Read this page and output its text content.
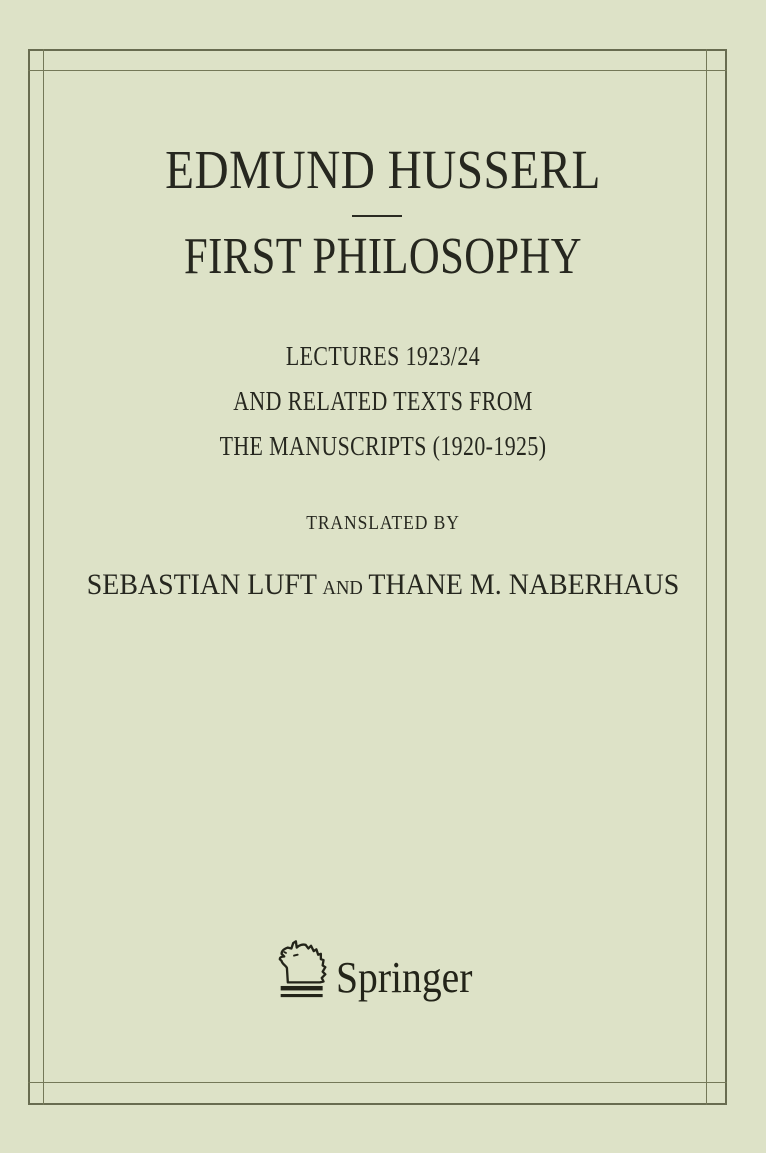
EDMUND HUSSERL
FIRST PHILOSOPHY
LECTURES 1923/24
AND RELATED TEXTS FROM
THE MANUSCRIPTS (1920-1925)
TRANSLATED BY
SEBASTIAN LUFT AND THANE M. NABERHAUS
Springer
